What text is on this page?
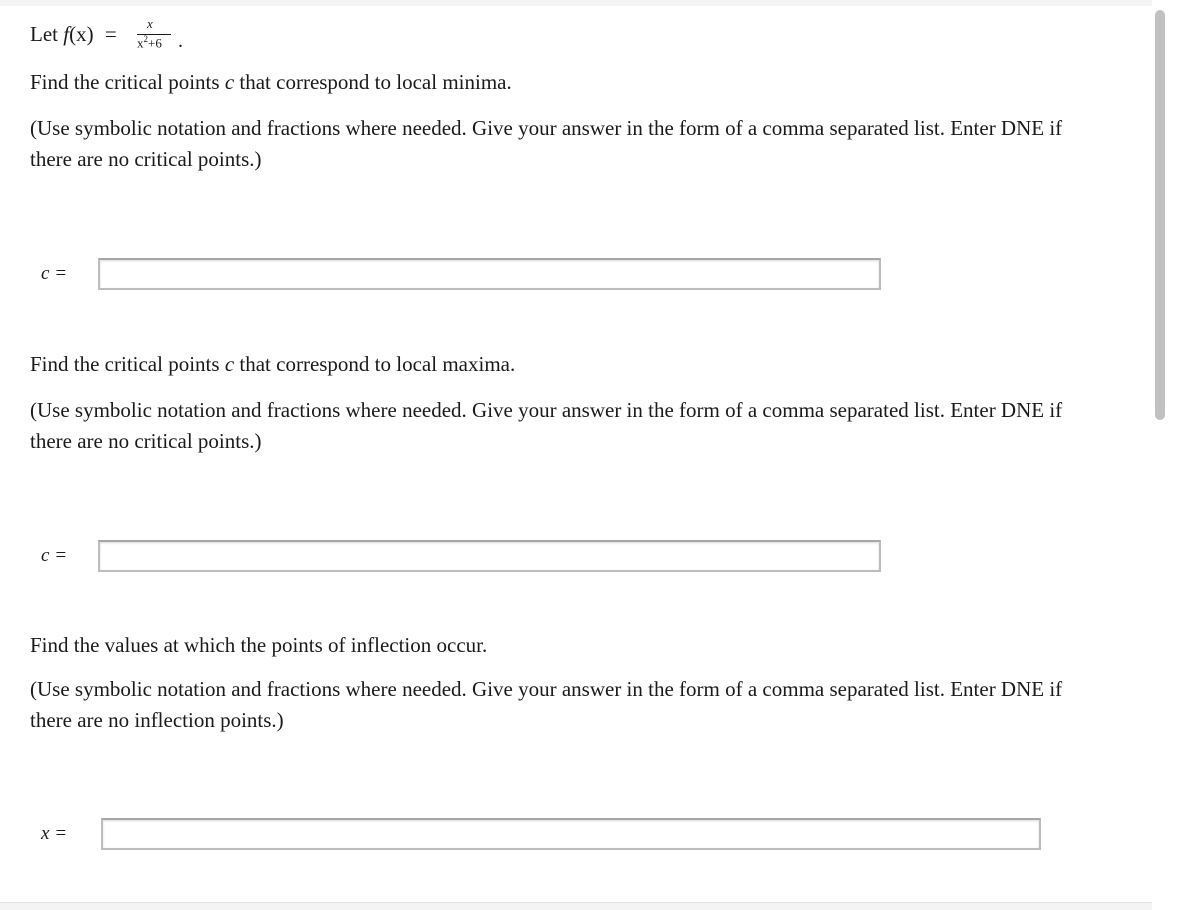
Let f(x) = x
$x^2+6$ .
Find the critical points c that correspond to local minima.
(Use symbolic notation and fractions where needed. Give your answer in the form of a comma separated list. Enter DNE if
there are no critical points.)
c =
Find the critical points c that correspond to local maxima.
(Use symbolic notation and fractions where needed. Give your answer in the form of a comma separated list. Enter DNE if
there are no critical points.)
c =
Find the values at which the points of inflection occur.
(Use symbolic notation and fractions where needed. Give your answer in the form of a comma separated list. Enter DNE if
there are no inflection points.)
x =
